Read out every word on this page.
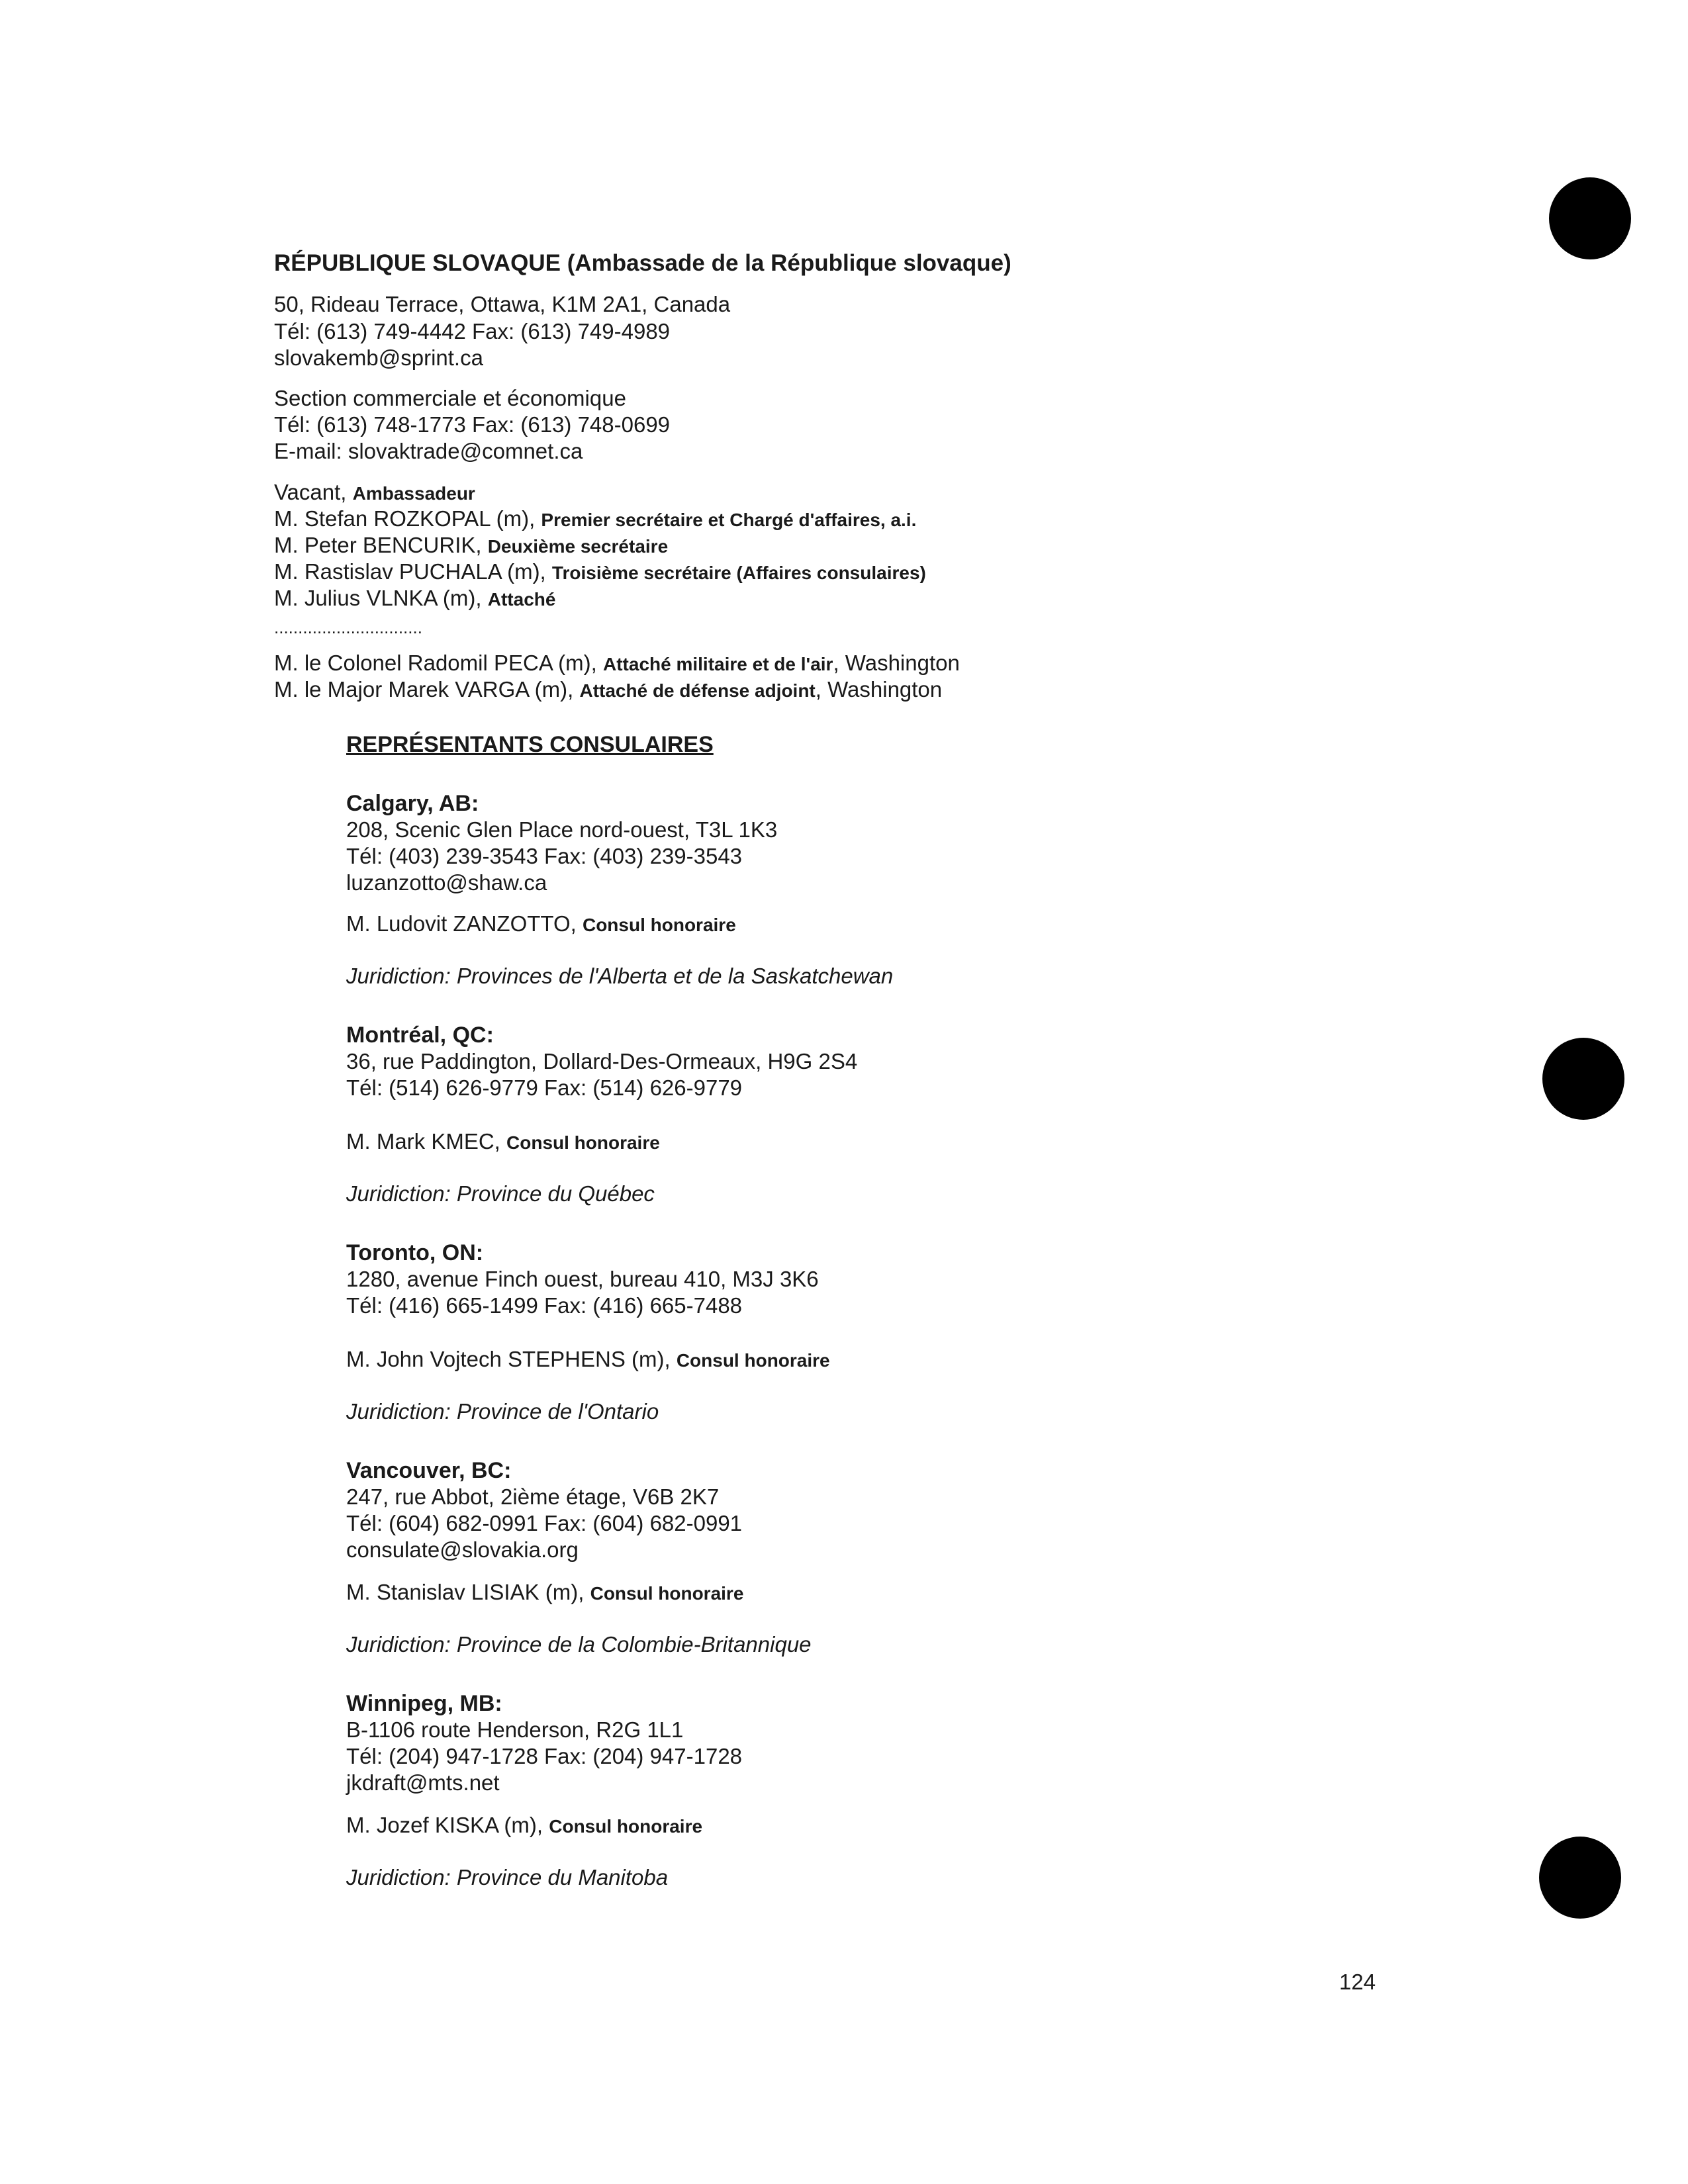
RÉPUBLIQUE SLOVAQUE (Ambassade de la République slovaque)
50, Rideau Terrace, Ottawa, K1M 2A1, Canada
Tél: (613) 749-4442 Fax: (613) 749-4989
slovakemb@sprint.ca
Section commerciale et économique
Tél: (613) 748-1773 Fax: (613) 748-0699
E-mail: slovaktrade@comnet.ca
Vacant, Ambassadeur
M. Stefan ROZKOPAL (m), Premier secrétaire et Chargé d'affaires, a.i.
M. Peter BENCURIK, Deuxième secrétaire
M. Rastislav PUCHALA (m), Troisième secrétaire (Affaires consulaires)
M. Julius VLNKA (m), Attaché
...............................
M. le Colonel Radomil PECA (m), Attaché militaire et de l'air, Washington
M. le Major Marek VARGA (m), Attaché de défense adjoint, Washington
REPRÉSENTANTS CONSULAIRES
Calgary, AB:
208, Scenic Glen Place nord-ouest, T3L 1K3
Tél: (403) 239-3543 Fax: (403) 239-3543
luzanzotto@shaw.ca
M. Ludovit ZANZOTTO, Consul honoraire
Juridiction: Provinces de l'Alberta et de la Saskatchewan
Montréal, QC:
36, rue Paddington, Dollard-Des-Ormeaux, H9G 2S4
Tél: (514) 626-9779 Fax: (514) 626-9779
M. Mark KMEC, Consul honoraire
Juridiction: Province du Québec
Toronto, ON:
1280, avenue Finch ouest, bureau 410, M3J 3K6
Tél: (416) 665-1499 Fax: (416) 665-7488
M. John Vojtech STEPHENS (m), Consul honoraire
Juridiction: Province de l'Ontario
Vancouver, BC:
247, rue Abbot, 2ième étage, V6B 2K7
Tél: (604) 682-0991 Fax: (604) 682-0991
consulate@slovakia.org
M. Stanislav LISIAK (m), Consul honoraire
Juridiction: Province de la Colombie-Britannique
Winnipeg, MB:
B-1106 route Henderson, R2G 1L1
Tél: (204) 947-1728 Fax: (204) 947-1728
jkdraft@mts.net
M. Jozef KISKA (m), Consul honoraire
Juridiction: Province du Manitoba
124
